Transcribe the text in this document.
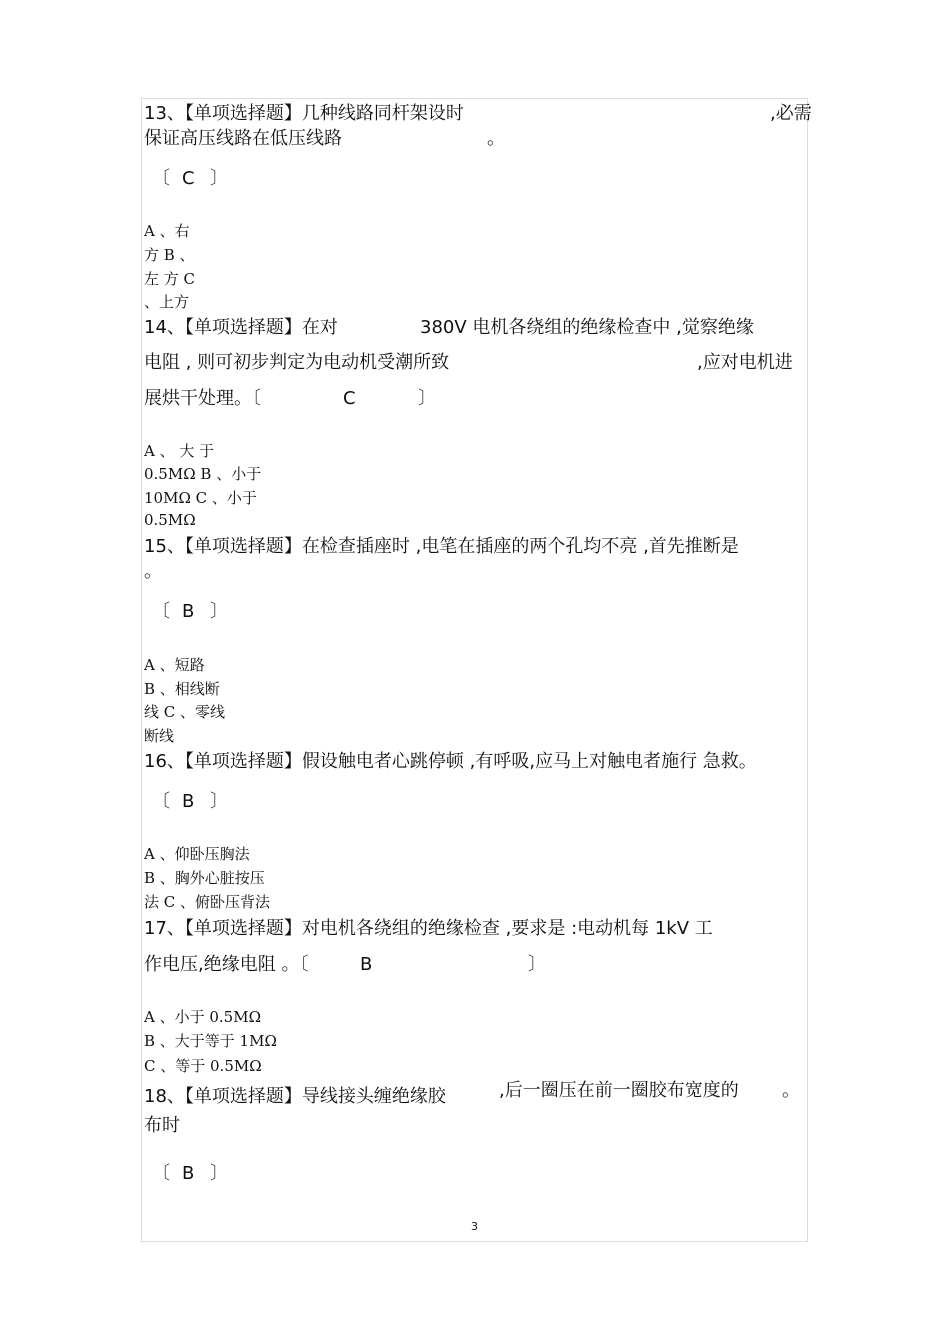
13、【单项选择题】几种线路同杆架设时	,必需
保证高压线路在低压线路	。
〔 C 〕
A 、右
方 B 、
左 方 C
、上方
14、【单项选择题】在对	380V 电机各绕组的绝缘检查中 ,觉察绝缘
电阻 , 则可初步判定为电动机受潮所致	,应对电机进
展烘干处理。〔	C	〕
A 、 大 于
0.5MΩ B 、小于
10MΩ C 、小于
0.5MΩ
15、【单项选择题】在检查插座时 ,电笔在插座的两个孔均不亮 ,首先推断是
。
〔 B 〕
A 、短路
B 、相线断
线 C 、零线
断线
16、【单项选择题】假设触电者心跳停顿 ,有呼吸,应马上对触电者施行 急救。
〔 B 〕
A 、仰卧压胸法
B 、胸外心脏按压
法 C 、俯卧压背法
17、【单项选择题】对电机各绕组的绝缘检查 ,要求是 :电动机每 1kV 工
作电压,绝缘电阻 。〔	B	〕
A 、小于 0.5MΩ
B 、大于等于 1MΩ
C 、等于 0.5MΩ
18、【单项选择题】导线接头缠绝缘胶	,后一圈压在前一圈胶布宽度的 。
布时
〔 B 〕
3
